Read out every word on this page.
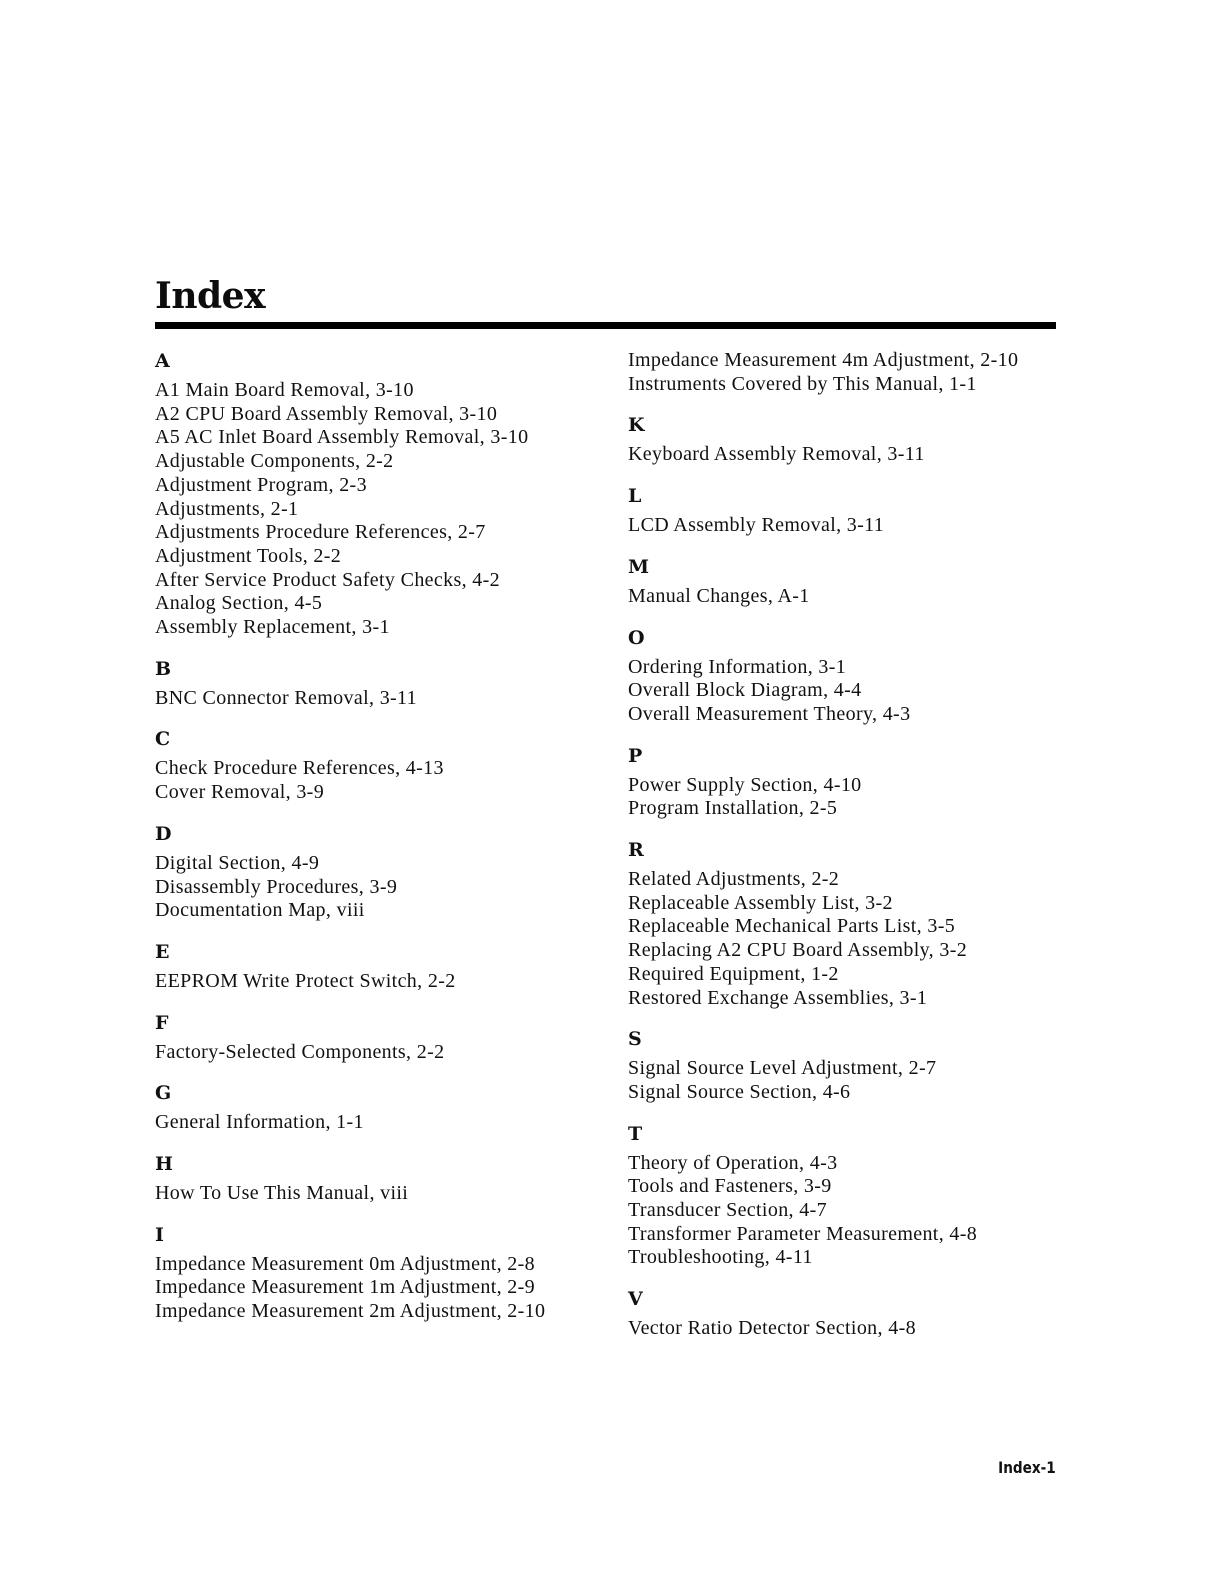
Index
A
A1 Main Board Removal, 3-10
A2 CPU Board Assembly Removal, 3-10
A5 AC Inlet Board Assembly Removal, 3-10
Adjustable Components, 2-2
Adjustment Program, 2-3
Adjustments, 2-1
Adjustments Procedure References, 2-7
Adjustment Tools, 2-2
After Service Product Safety Checks, 4-2
Analog Section, 4-5
Assembly Replacement, 3-1
B
BNC Connector Removal, 3-11
C
Check Procedure References, 4-13
Cover Removal, 3-9
D
Digital Section, 4-9
Disassembly Procedures, 3-9
Documentation Map, viii
E
EEPROM Write Protect Switch, 2-2
F
Factory-Selected Components, 2-2
G
General Information, 1-1
H
How To Use This Manual, viii
I
Impedance Measurement 0m Adjustment, 2-8
Impedance Measurement 1m Adjustment, 2-9
Impedance Measurement 2m Adjustment, 2-10
Impedance Measurement 4m Adjustment, 2-10
Instruments Covered by This Manual, 1-1
K
Keyboard Assembly Removal, 3-11
L
LCD Assembly Removal, 3-11
M
Manual Changes, A-1
O
Ordering Information, 3-1
Overall Block Diagram, 4-4
Overall Measurement Theory, 4-3
P
Power Supply Section, 4-10
Program Installation, 2-5
R
Related Adjustments, 2-2
Replaceable Assembly List, 3-2
Replaceable Mechanical Parts List, 3-5
Replacing A2 CPU Board Assembly, 3-2
Required Equipment, 1-2
Restored Exchange Assemblies, 3-1
S
Signal Source Level Adjustment, 2-7
Signal Source Section, 4-6
T
Theory of Operation, 4-3
Tools and Fasteners, 3-9
Transducer Section, 4-7
Transformer Parameter Measurement, 4-8
Troubleshooting, 4-11
V
Vector Ratio Detector Section, 4-8
Index-1
